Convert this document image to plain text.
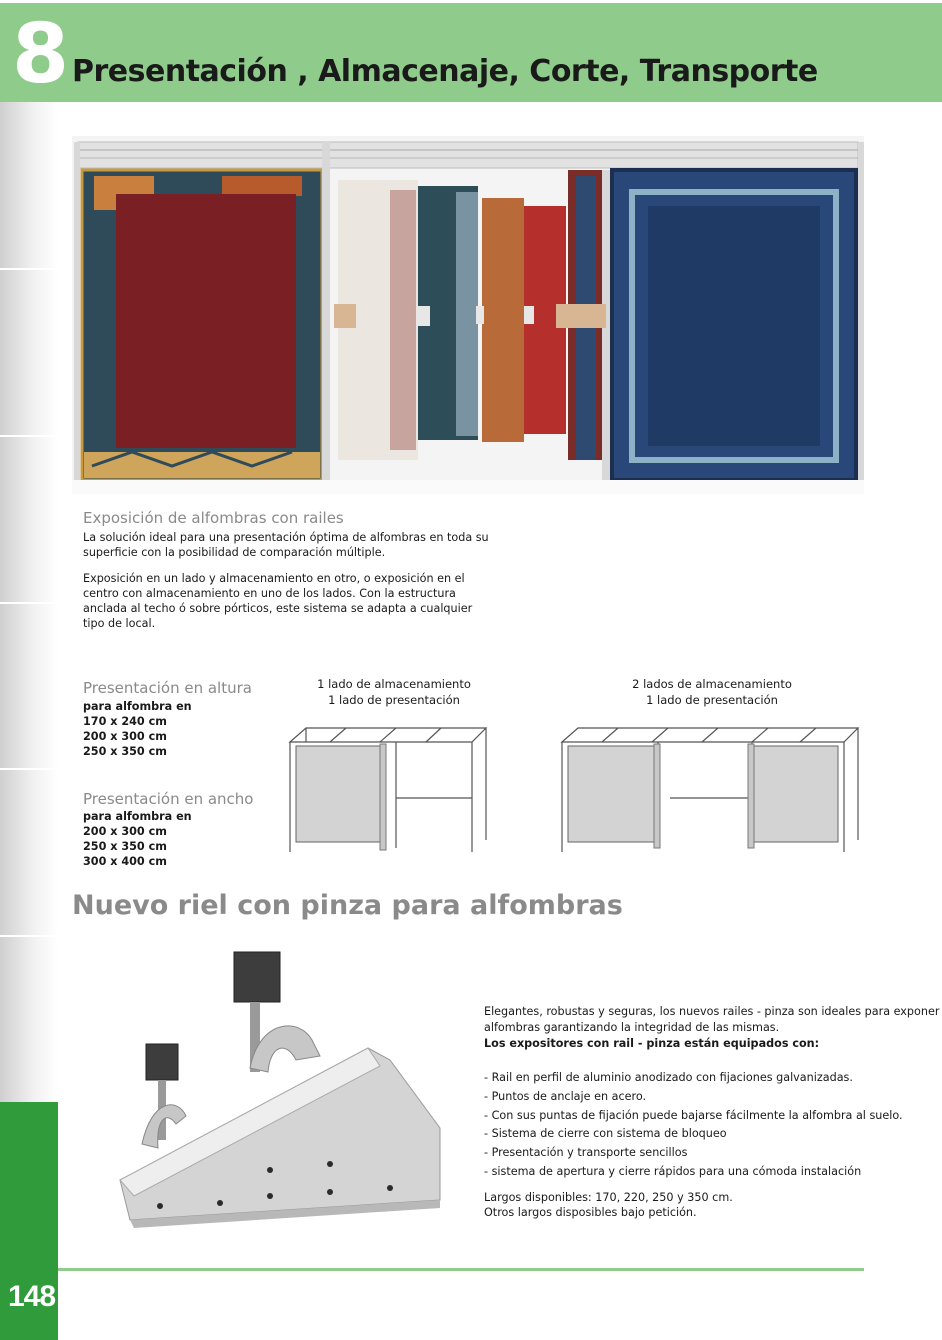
8 Presentación , Almacenaje, Corte, Transporte
148
Exposición de alfombras con railes
La solución ideal para una presentación óptima de alfombras en toda su
superficie con la posibilidad de comparación múltiple.
Exposición en un lado y almacenamiento en otro, o exposición en el
centro con almacenamiento en uno de los lados. Con la estructura
anclada al techo ó sobre pórticos, este sistema se adapta a cualquier
tipo de local.
Presentación en altura
para alfombra en
170 x 240 cm
200 x 300 cm
250 x 350 cm
Presentación en ancho
para alfombra en
200 x 300 cm
250 x 350 cm
300 x 400 cm
1 lado de almacenamiento
1 lado de presentación
2 lados de almacenamiento
1 lado de presentación
Nuevo riel con pinza para alfombras
Elegantes, robustas y seguras, los nuevos railes - pinza son ideales para exponer
alfombras garantizando la integridad de las mismas.
Los expositores con rail - pinza están equipados con:
- Rail en perfil de aluminio anodizado con fijaciones galvanizadas.
- Puntos de anclaje en acero.
- Con sus puntas de fijación puede bajarse fácilmente la alfombra al suelo.
- Sistema de cierre con sistema de bloqueo
- Presentación y transporte sencillos
- sistema de apertura y cierre rápidos para una cómoda instalación
Largos disponibles: 170, 220, 250 y 350 cm.
Otros largos disposibles bajo petición.
